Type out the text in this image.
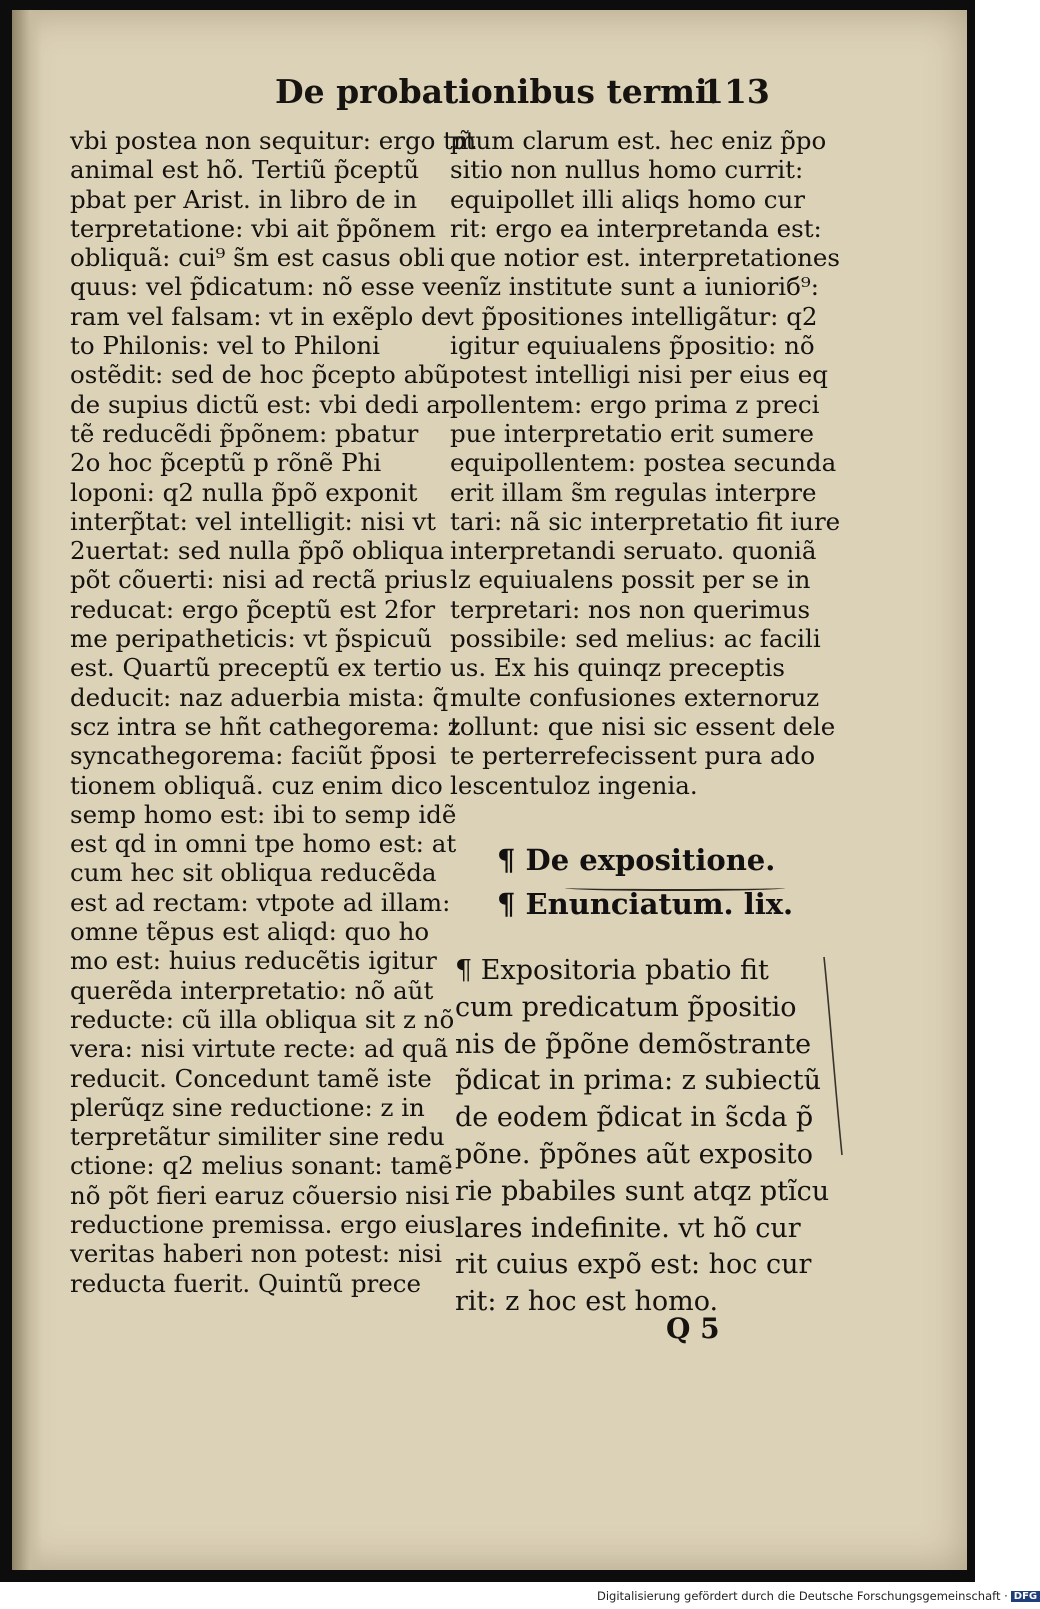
De probationibus termi.
113
vbi postea non sequitur: ergo tm̃
animal est hõ. Tertiũ p̃ceptũ
pbat per Arist. in libro de in
terpretatione: vbi ait p̃põnem
obliquã: cui⁹ s̃m est casus obli
quus: vel p̃dicatum: nõ esse ve
ram vel falsam: vt in exẽplo de
to Philonis: vel to Philoni
ostẽdit: sed de hoc p̃cepto abũ
de supius dictũ est: vbi dedi ar
tẽ reducẽdi p̃põnem: pbatur
2o hoc p̃ceptũ p rõnẽ Phi
loponi: q2 nulla p̃põ exponit
interp̃tat: vel intelligit: nisi vt
2uertat: sed nulla p̃põ obliqua
põt cõuerti: nisi ad rectã prius
reducat: ergo p̃ceptũ est 2for
me peripatheticis: vt p̃spicuũ
est. Quartũ preceptũ ex tertio
deducit: naz aduerbia mista: q̃
scz intra se hñt cathegorema: z
syncathegorema: faciũt p̃posi
tionem obliquã. cuz enim dico
semp homo est: ibi to semp idẽ
est qd in omni tpe homo est: at
cum hec sit obliqua reducẽda
est ad rectam: vtpote ad illam:
omne tẽpus est aliqd: quo ho
mo est: huius reducẽtis igitur
querẽda interpretatio: nõ aũt
reducte: cũ illa obliqua sit z nõ
vera: nisi virtute recte: ad quã
reducit. Concedunt tamẽ iste
plerũqz sine reductione: z in
terpretãtur similiter sine redu
ctione: q2 melius sonant: tamẽ
nõ põt fieri earuz cõuersio nisi
reductione premissa. ergo eius
veritas haberi non potest: nisi
reducta fuerit. Quintũ prece
ptum clarum est. hec eniz p̃po
sitio non nullus homo currit:
equipollet illi aliqs homo cur
rit: ergo ea interpretanda est:
que notior est. interpretationes
enĩz institute sunt a iunioriб⁹:
vt p̃positiones intelligãtur: q2
igitur equiualens p̃positio: nõ
potest intelligi nisi per eius eq
pollentem: ergo prima z preci
pue interpretatio erit sumere
equipollentem: postea secunda
erit illam s̃m regulas interpre
tari: nã sic interpretatio fit iure
interpretandi seruato. quoniã
lz equiualens possit per se in
terpretari: nos non querimus
possibile: sed melius: ac facili
us. Ex his quinqz preceptis
multe confusiones externoruz
tollunt: que nisi sic essent dele
te perterrefecissent pura ado
lescentuloz ingenia.
¶ De expositione.
¶ Enunciatum. lix.
¶ Expositoria pbatio fit
cum predicatum p̃positio
nis de p̃põne demõstrante
p̃dicat in prima: z subiectũ
de eodem p̃dicat in s̃cda p̃
põne. p̃põnes aũt exposito
rie pbabiles sunt atqz ptĩcu
lares indefinite. vt hõ cur
rit cuius expõ est: hoc cur
rit: z hoc est homo.
Q 5
Digitalisierung gefördert durch die Deutsche Forschungsgemeinschaft · DFG
